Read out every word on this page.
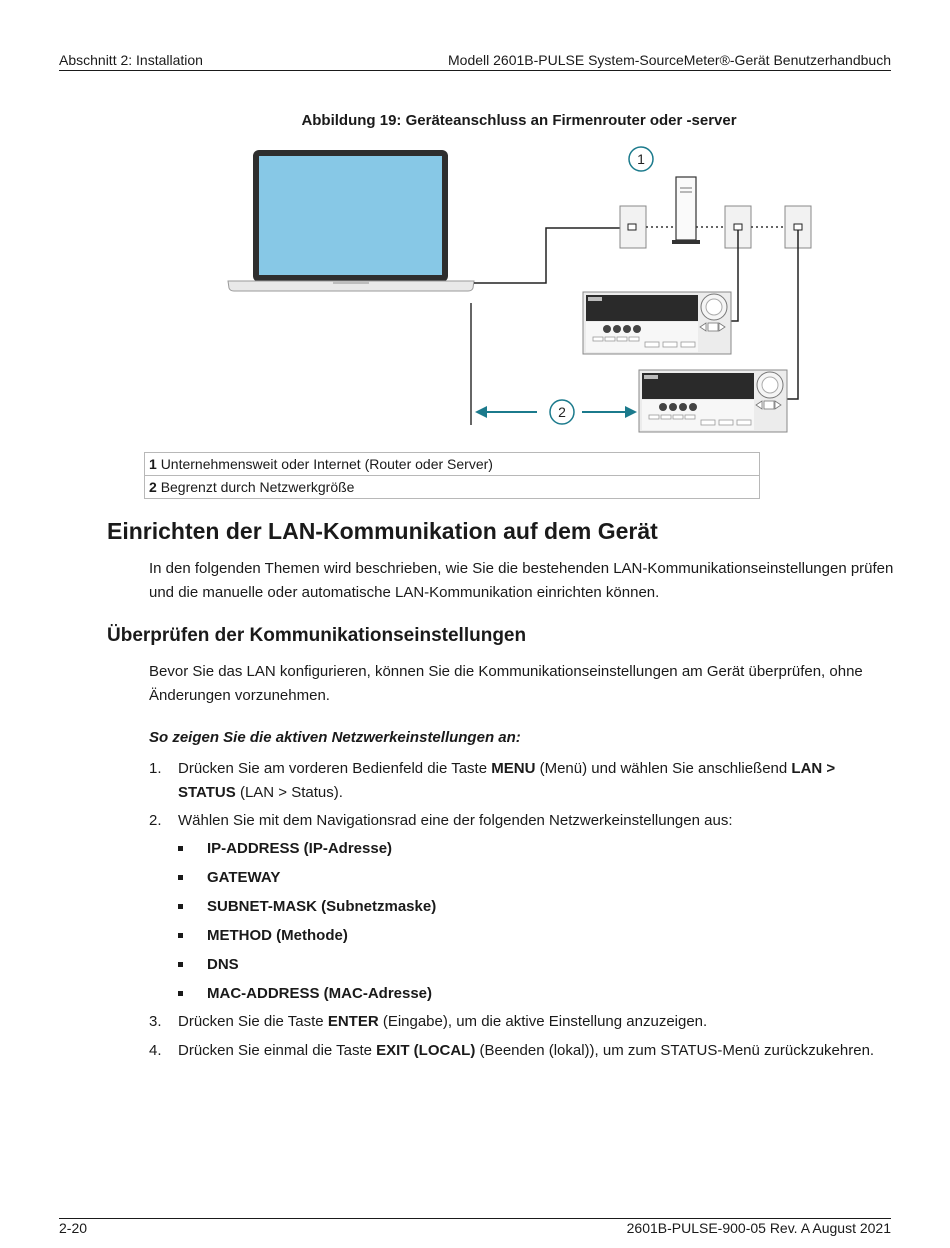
Abschnitt 2: Installation	Modell 2601B-PULSE System-SourceMeter®-Gerät Benutzerhandbuch
Abbildung 19: Geräteanschluss an Firmenrouter oder -server
1
2
1 Unternehmensweit oder Internet (Router oder Server)
2 Begrenzt durch Netzwerkgröße
Einrichten der LAN-Kommunikation auf dem Gerät

In den folgenden Themen wird beschrieben, wie Sie die bestehenden LAN-Kommunikationseinstellungen prüfen und die manuelle oder automatische LAN-Kommunikation einrichten können.

Überprüfen der Kommunikationseinstellungen

Bevor Sie das LAN konfigurieren, können Sie die Kommunikationseinstellungen am Gerät überprüfen, ohne Änderungen vorzunehmen.

So zeigen Sie die aktiven Netzwerkeinstellungen an:
1. Drücken Sie am vorderen Bedienfeld die Taste MENU (Menü) und wählen Sie anschließend LAN > STATUS (LAN > Status).
2. Wählen Sie mit dem Navigationsrad eine der folgenden Netzwerkeinstellungen aus:
IP-ADDRESS (IP-Adresse)
GATEWAY
SUBNET-MASK (Subnetzmaske)
METHOD (Methode)
DNS
MAC-ADDRESS (MAC-Adresse)
3. Drücken Sie die Taste ENTER (Eingabe), um die aktive Einstellung anzuzeigen.
4. Drücken Sie einmal die Taste EXIT (LOCAL) (Beenden (lokal)), um zum STATUS-Menü zurückzukehren.
2-20	2601B-PULSE-900-05 Rev. A August 2021
